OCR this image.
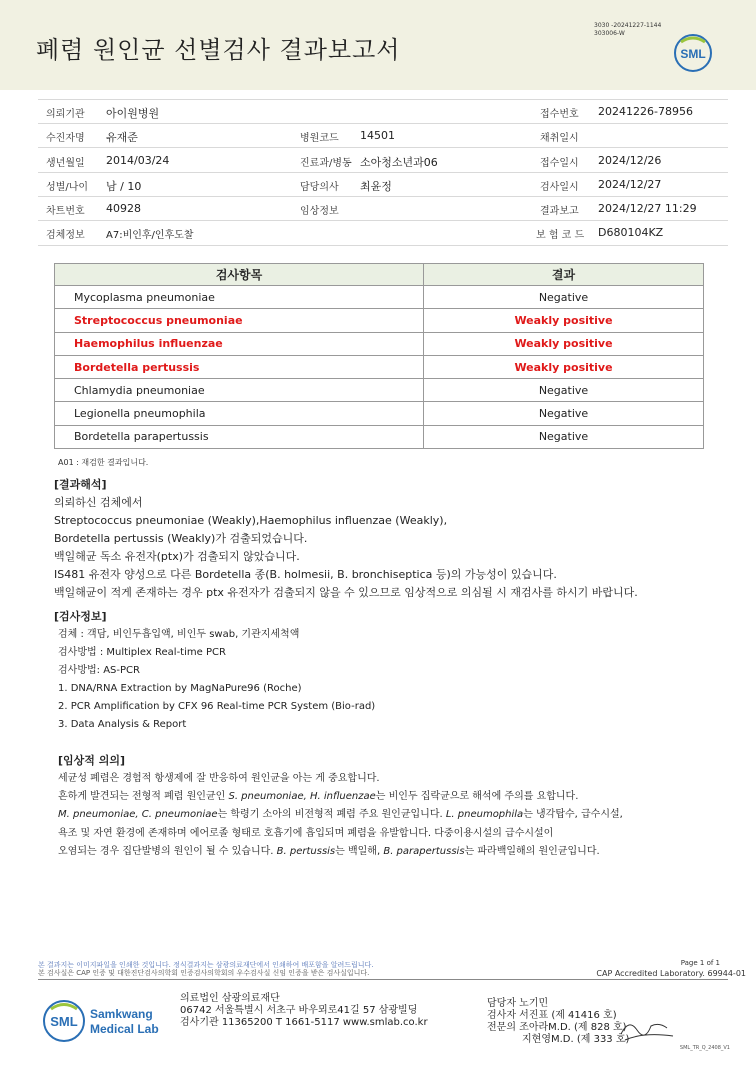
폐렴 원인균 선별검사 결과보고서
3030 -20241227-1144
303006-W
SML
의뢰기관 아이원병원	접수번호 20241226-78956
수진자명 유재준	병원코드 14501	채취일시
생년월일 2014/03/24	진료과/병동 소아청소년과06	접수일시 2024/12/26
성별/나이 남 / 10	담당의사 최윤정	검사일시 2024/12/27
차트번호 40928	임상정보	결과보고 2024/12/27 11:29
검체정보 A7:비인후/인후도찰	보 험 코 드 D680104KZ
검사항목	결과
Mycoplasma pneumoniae	Negative
Streptococcus pneumoniae	Weakly positive
Haemophilus influenzae	Weakly positive
Bordetella pertussis	Weakly positive
Chlamydia pneumoniae	Negative
Legionella pneumophila	Negative
Bordetella parapertussis	Negative
A01 : 재검한 결과입니다.
[결과해석]
의뢰하신 검체에서
Streptococcus pneumoniae (Weakly),Haemophilus influenzae (Weakly),
Bordetella pertussis (Weakly)가 검출되었습니다.
백일해균 독소 유전자(ptx)가 검출되지 않았습니다.
IS481 유전자 양성으로 다른 Bordetella 종(B. holmesii, B. bronchiseptica 등)의 가능성이 있습니다.
백일해균이 적게 존재하는 경우 ptx 유전자가 검출되지 않을 수 있으므로 임상적으로 의심될 시 재검사를 하시기 바랍니다.
[검사정보]
검체 : 객담, 비인두흡입액, 비인두 swab, 기관지세척액
검사방법 : Multiplex Real-time PCR
검사방법: AS-PCR
1. DNA/RNA Extraction by MagNaPure96 (Roche)
2. PCR Amplification by CFX 96 Real-time PCR System (Bio-rad)
3. Data Analysis & Report
[임상적 의의]
세균성 폐렴은 경험적 항생제에 잘 반응하여 원인균을 아는 게 중요합니다.
흔하게 발견되는 전형적 폐렴 원인균인 S. pneumoniae, H. influenzae는 비인두 집락균으로 해석에 주의를 요합니다.
M. pneumoniae, C. pneumoniae는 학령기 소아의 비전형적 폐렴 주요 원인균입니다. L. pneumophila는 냉각탑수, 급수시설,
욕조 및 자연 환경에 존재하며 에어로졸 형태로 호흡기에 흡입되며 폐렴을 유발합니다. 다중이용시설의 급수시설이
오염되는 경우 집단발병의 원인이 될 수 있습니다. B. pertussis는 백일해, B. parapertussis는 파라백일해의 원인균입니다.
본 결과지는 이미지파일을 인쇄한 것입니다. 정식결과지는 삼광의료재단에서 인쇄하여 배포함을 알려드립니다.
본 검사실은 CAP 인증 및 대한진단검사의학회 인증검사의학회의 우수검사실 신임 인증을 받은 검사실입니다.
Page 1 of 1
CAP Accredited Laboratory. 69944-01
SML Samkwang
Medical Lab
의료법인 삼광의료재단
06742 서울특별시 서초구 바우뫼로41길 57 삼광빌딩
검사기관 11365200 T 1661-5117 www.smlab.co.kr
담당자 노기민
검사자 서진표 (제 41416 호)
전문의 조아라M.D. (제 828 호)
지현영M.D. (제 333 호)
SML_TR_Q_2408_V1
